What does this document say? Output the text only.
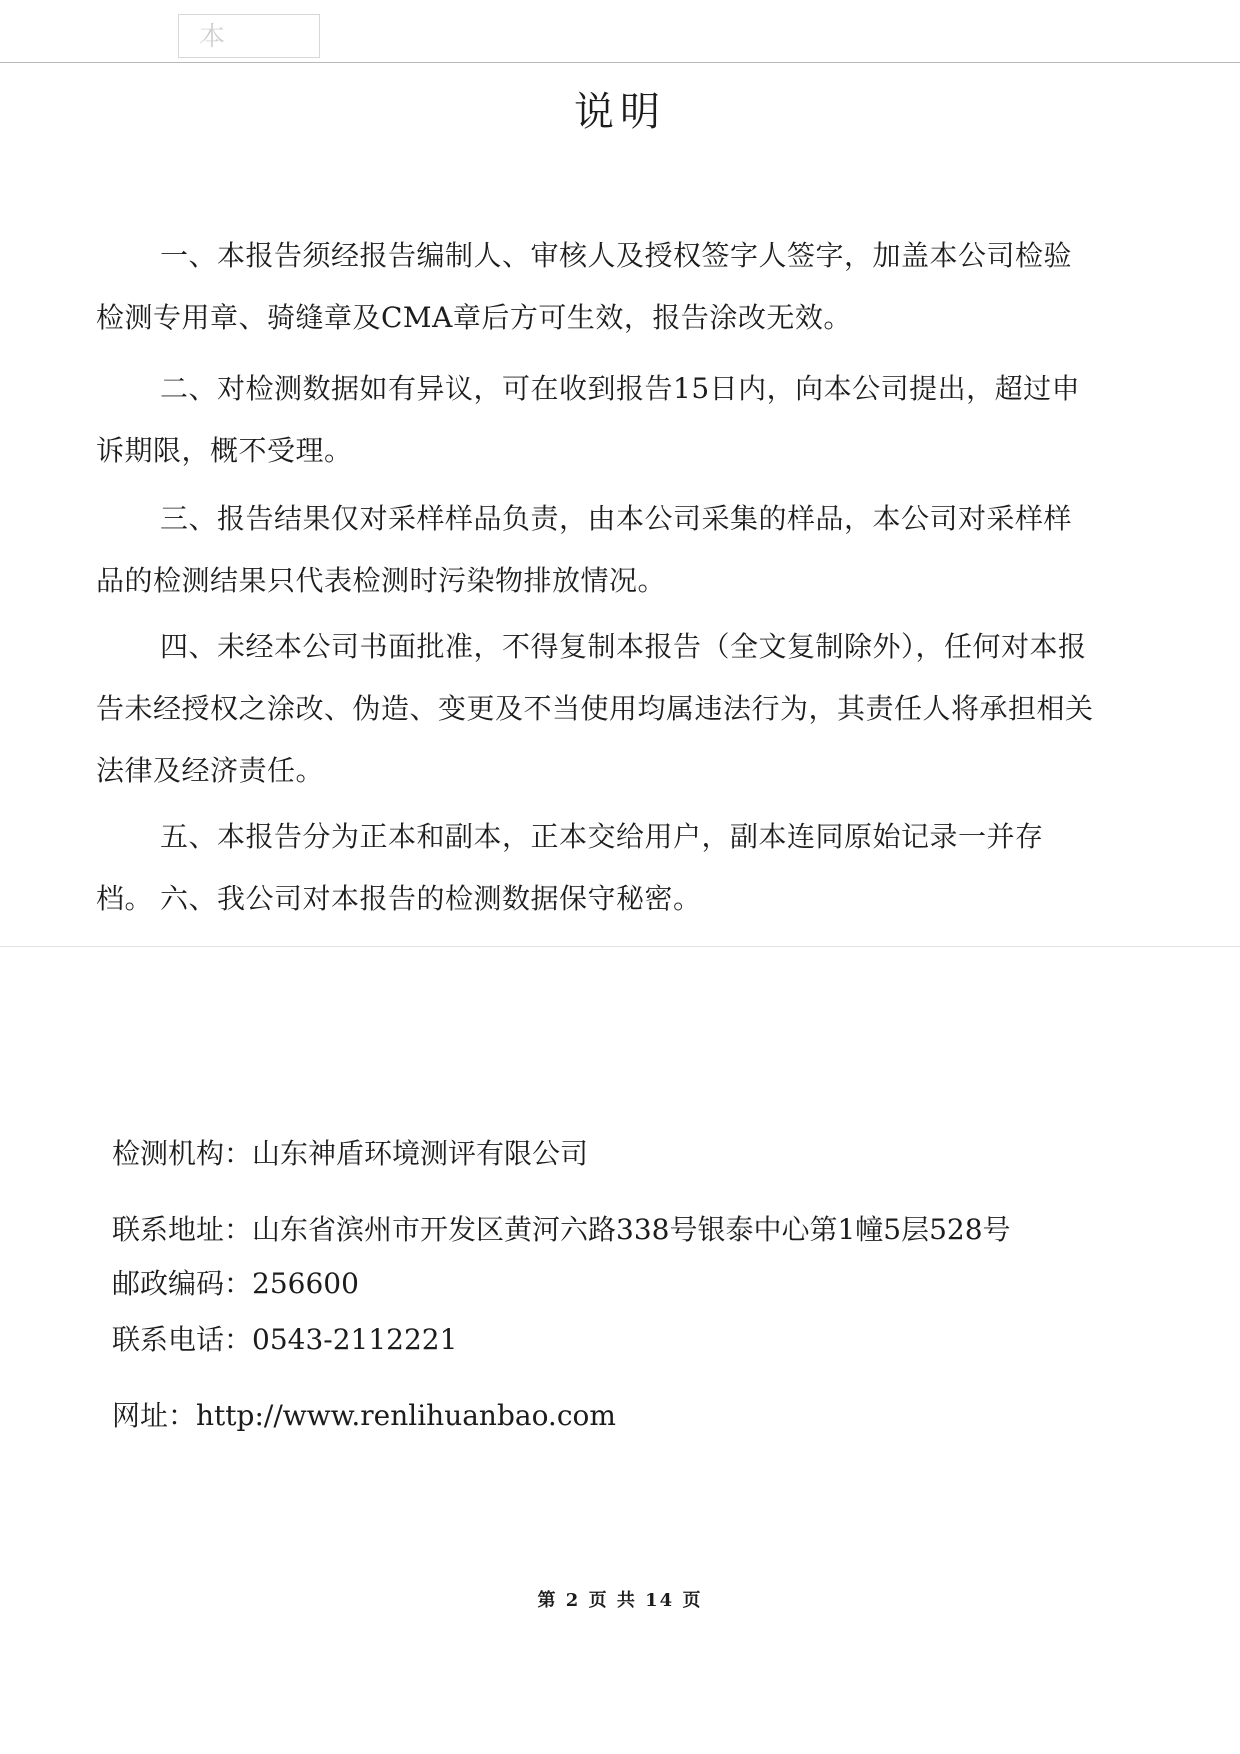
本
说明

一、本报告须经报告编制人、审核人及授权签字人签字，加盖本公司检验检测专用章、骑缝章及CMA章后方可生效，报告涂改无效。

二、对检测数据如有异议，可在收到报告15日内，向本公司提出，超过申诉期限，概不受理。

三、报告结果仅对采样样品负责，由本公司采集的样品，本公司对采样样品的检测结果只代表检测时污染物排放情况。

四、未经本公司书面批准，不得复制本报告（全文复制除外），任何对本报告未经授权之涂改、伪造、变更及不当使用均属违法行为，其责任人将承担相关法律及经济责任。

五、本报告分为正本和副本，正本交给用户，副本连同原始记录一并存档。 六、我公司对本报告的检测数据保守秘密。

检测机构：山东神盾环境测评有限公司

联系地址：山东省滨州市开发区黄河六路338号银泰中心第1幢5层528号

邮政编码：256600

联系电话：0543-2112221

网址：http://www.renlihuanbao.com

第 2 页 共 14 页
